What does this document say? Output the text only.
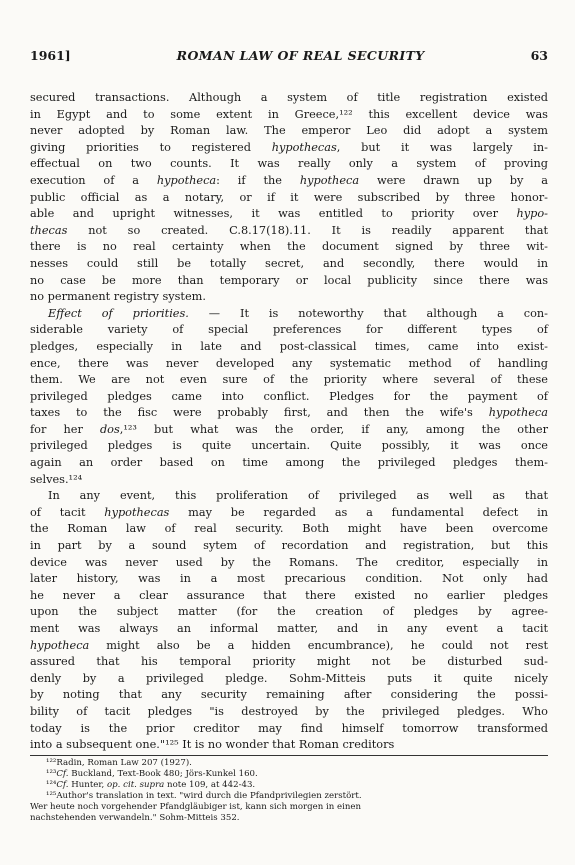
1961]	ROMAN LAW OF REAL SECURITY	63

secured transactions. Although a system of title registration existed
in Egypt and to some extent in Greece,¹²² this excellent device was
never adopted by Roman law. The emperor Leo did adopt a system
giving priorities to registered hypothecas, but it was largely in-
effectual on two counts. It was really only a system of proving
execution of a hypotheca: if the hypotheca were drawn up by a
public official as a notary, or if it were subscribed by three honor-
able and upright witnesses, it was entitled to priority over hypo-
thecas not so created. C.8.17(18).11. It is readily apparent that
there is no real certainty when the document signed by three wit-
nesses could still be totally secret, and secondly, there would in
no case be more than temporary or local publicity since there was
no permanent registry system.

Effect of priorities. — It is noteworthy that although a con-
siderable variety of special preferences for different types of
pledges, especially in late and post-classical times, came into exist-
ence, there was never developed any systematic method of handling
them. We are not even sure of the priority where several of these
privileged pledges came into conflict. Pledges for the payment of
taxes to the fisc were probably first, and then the wife's hypotheca
for her dos,¹²³ but what was the order, if any, among the other
privileged pledges is quite uncertain. Quite possibly, it was once
again an order based on time among the privileged pledges them-
selves.¹²⁴

In any event, this proliferation of privileged as well as that
of tacit hypothecas may be regarded as a fundamental defect in
the Roman law of real security. Both might have been overcome
in part by a sound sytem of recordation and registration, but this
device was never used by the Romans. The creditor, especially in
later history, was in a most precarious condition. Not only had
he never a clear assurance that there existed no earlier pledges
upon the subject matter (for the creation of pledges by agree-
ment was always an informal matter, and in any event a tacit
hypotheca might also be a hidden encumbrance), he could not rest
assured that his temporal priority might not be disturbed sud-
denly by a privileged pledge. Sohm-Mitteis puts it quite nicely
by noting that any security remaining after considering the possi-
bility of tacit pledges "is destroyed by the privileged pledges. Who
today is the prior creditor may find himself tomorrow transformed
into a subsequent one."¹²⁵ It is no wonder that Roman creditors

¹²²Radin, Roman Law 207 (1927).
¹²³Cf. Buckland, Text-Book 480; Jörs-Kunkel 160.
¹²⁴Cf. Hunter, op. cit. supra note 109, at 442-43.
¹²⁵Author's translation in text. "wird durch die Pfandprivilegien zerstört.
Wer heute noch vorgehender Pfandgläubiger ist, kann sich morgen in einen
nachstehenden verwandeln." Sohm-Mitteis 352.
